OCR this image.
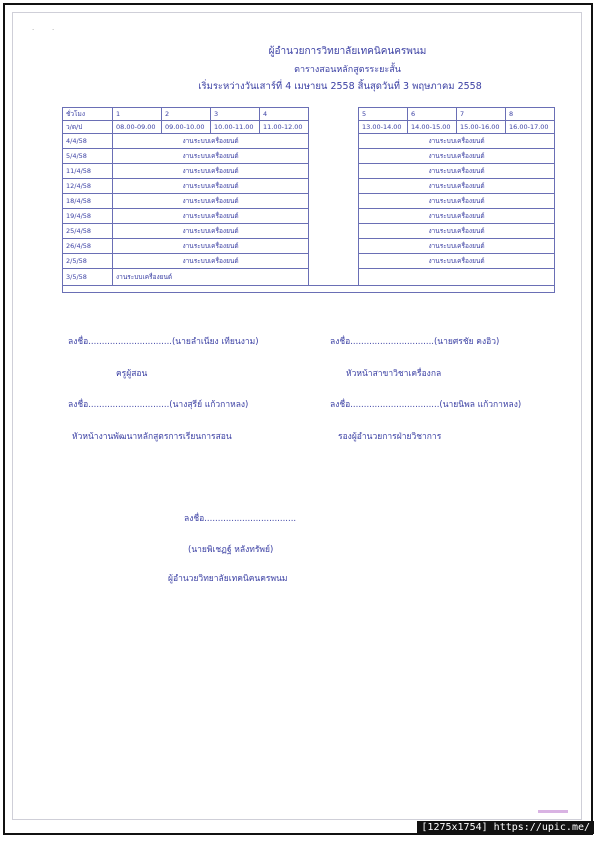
·        ·
ผู้อำนวยการวิทยาลัยเทคนิคนครพนม
ตารางสอนหลักสูตรระยะสั้น
เริ่มระหว่างวันเสาร์ที่ 4 เมษายน 2558 สิ้นสุดวันที่ 3 พฤษภาคม 2558
ชั่วโมง	1	2	3	4		5	6	7	8
ว/ด/ป	08.00-09.00	09.00-10.00	10.00-11.00	11.00-12.00		13.00-14.00	14.00-15.00	15.00-16.00	16.00-17.00
4/4/58	งานระบบเครื่องยนต์					งานระบบเครื่องยนต์			
5/4/58	งานระบบเครื่องยนต์					งานระบบเครื่องยนต์			
11/4/58	งานระบบเครื่องยนต์					งานระบบเครื่องยนต์			
12/4/58	งานระบบเครื่องยนต์					งานระบบเครื่องยนต์			
18/4/58	งานระบบเครื่องยนต์					งานระบบเครื่องยนต์			
19/4/58	งานระบบเครื่องยนต์					งานระบบเครื่องยนต์			
25/4/58	งานระบบเครื่องยนต์					งานระบบเครื่องยนต์			
26/4/58	งานระบบเครื่องยนต์					งานระบบเครื่องยนต์			
2/5/58	งานระบบเครื่องยนต์					งานระบบเครื่องยนต์			
3/5/58	งานระบบเครื่องยนต์								

ลงชื่อ...............................(นายลำเนียง เทียนงาม)
ครูผู้สอน
ลงชื่อ...............................(นายศรชัย คงอิว)
หัวหน้าสาขาวิชาเครื่องกล
ลงชื่อ..............................(นางสุรีย์ แก้วกาหลง)
หัวหน้างานพัฒนาหลักสูตรการเรียนการสอน
ลงชื่อ.................................(นายนิพล แก้วกาหลง)
รองผู้อำนวยการฝ่ายวิชาการ
ลงชื่อ..................................
(นายพิเชฏฐ์ หลังทรัพย์)
ผู้อำนวยวิทยาลัยเทคนิคนครพนม
[1275x1754] https://upic.me/
